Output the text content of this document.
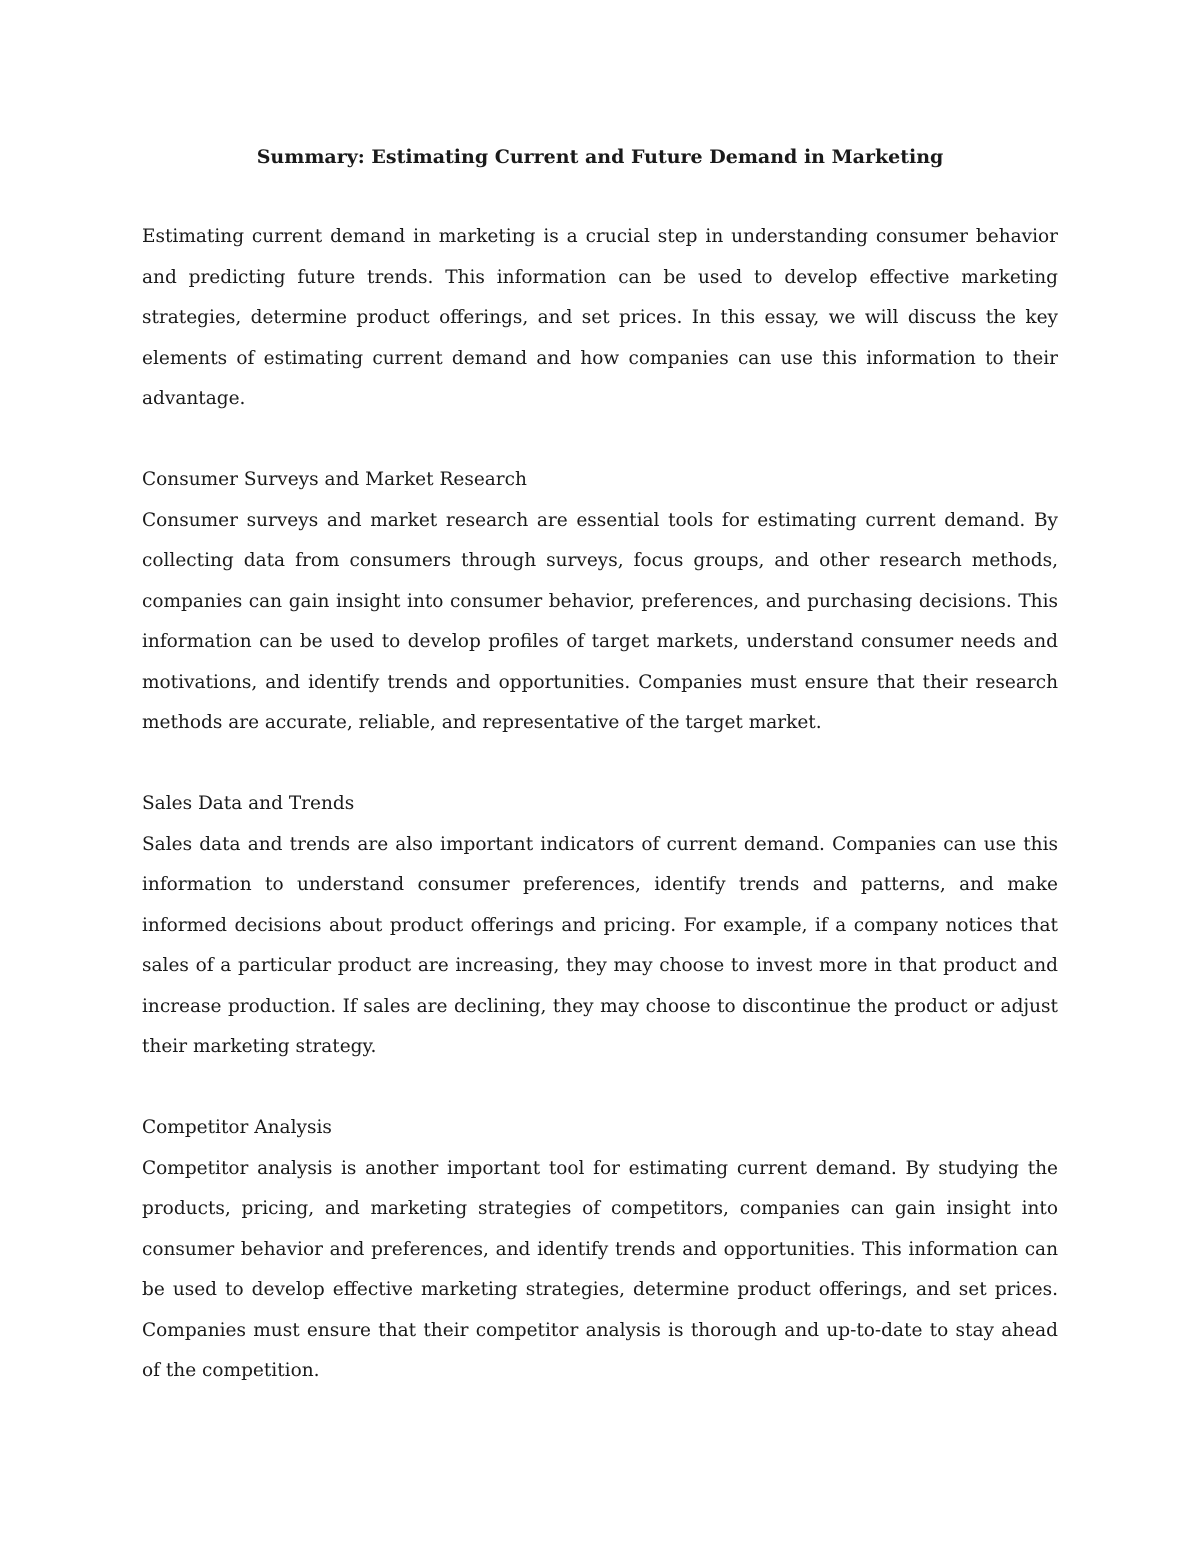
Summary: Estimating Current and Future Demand in Marketing

Estimating current demand in marketing is a crucial step in understanding consumer behavior and predicting future trends. This information can be used to develop effective marketing strategies, determine product offerings, and set prices. In this essay, we will discuss the key elements of estimating current demand and how companies can use this information to their advantage.

Consumer Surveys and Market Research

Consumer surveys and market research are essential tools for estimating current demand. By collecting data from consumers through surveys, focus groups, and other research methods, companies can gain insight into consumer behavior, preferences, and purchasing decisions. This information can be used to develop profiles of target markets, understand consumer needs and motivations, and identify trends and opportunities. Companies must ensure that their research methods are accurate, reliable, and representative of the target market.

Sales Data and Trends

Sales data and trends are also important indicators of current demand. Companies can use this information to understand consumer preferences, identify trends and patterns, and make informed decisions about product offerings and pricing. For example, if a company notices that sales of a particular product are increasing, they may choose to invest more in that product and increase production. If sales are declining, they may choose to discontinue the product or adjust their marketing strategy.

Competitor Analysis

Competitor analysis is another important tool for estimating current demand. By studying the products, pricing, and marketing strategies of competitors, companies can gain insight into consumer behavior and preferences, and identify trends and opportunities. This information can be used to develop effective marketing strategies, determine product offerings, and set prices. Companies must ensure that their competitor analysis is thorough and up-to-date to stay ahead of the competition.
